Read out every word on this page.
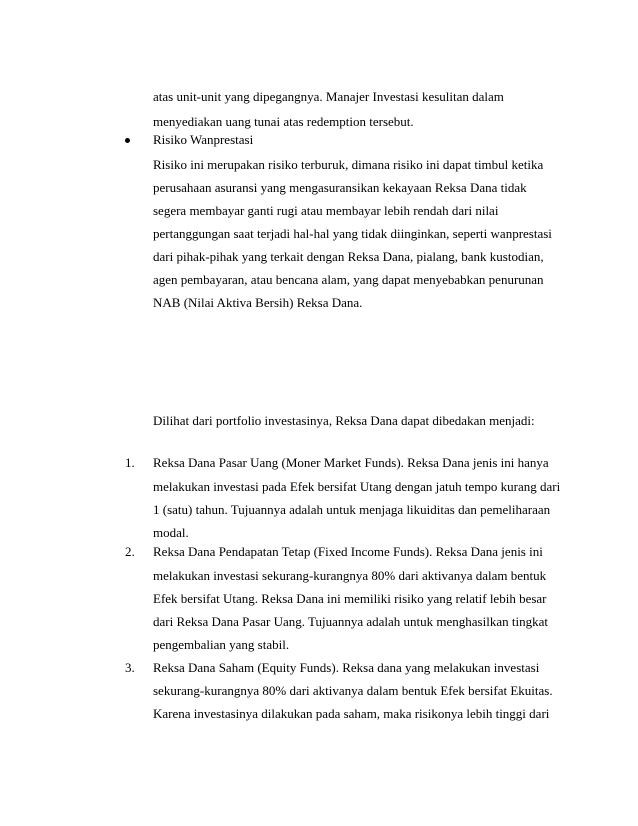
atas unit-unit yang dipegangnya. Manajer Investasi kesulitan dalam
menyediakan uang tunai atas redemption tersebut.
Risiko Wanprestasi
Risiko ini merupakan risiko terburuk, dimana risiko ini dapat timbul ketika
perusahaan asuransi yang mengasuransikan kekayaan Reksa Dana tidak
segera membayar ganti rugi atau membayar lebih rendah dari nilai
pertanggungan saat terjadi hal-hal yang tidak diinginkan, seperti wanprestasi
dari pihak-pihak yang terkait dengan Reksa Dana, pialang, bank kustodian,
agen pembayaran, atau bencana alam, yang dapat menyebabkan penurunan
NAB (Nilai Aktiva Bersih) Reksa Dana.
Dilihat dari portfolio investasinya, Reksa Dana dapat dibedakan menjadi:
1. Reksa Dana Pasar Uang (Moner Market Funds). Reksa Dana jenis ini hanya
melakukan investasi pada Efek bersifat Utang dengan jatuh tempo kurang dari
1 (satu) tahun. Tujuannya adalah untuk menjaga likuiditas dan pemeliharaan
modal.
2. Reksa Dana Pendapatan Tetap (Fixed Income Funds). Reksa Dana jenis ini
melakukan investasi sekurang-kurangnya 80% dari aktivanya dalam bentuk
Efek bersifat Utang. Reksa Dana ini memiliki risiko yang relatif lebih besar
dari Reksa Dana Pasar Uang. Tujuannya adalah untuk menghasilkan tingkat
pengembalian yang stabil.
3. Reksa Dana Saham (Equity Funds). Reksa dana yang melakukan investasi
sekurang-kurangnya 80% dari aktivanya dalam bentuk Efek bersifat Ekuitas.
Karena investasinya dilakukan pada saham, maka risikonya lebih tinggi dari
